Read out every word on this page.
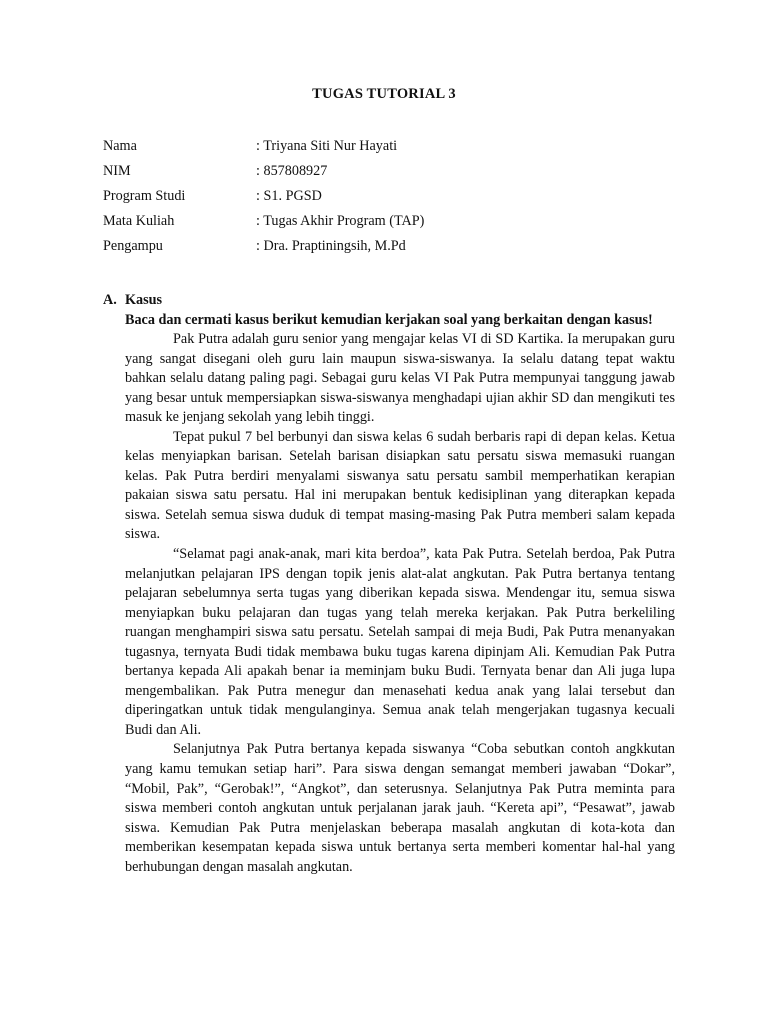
TUGAS TUTORIAL 3
Nama	: Triyana Siti Nur Hayati
NIM	: 857808927
Program Studi	: S1. PGSD
Mata Kuliah	: Tugas Akhir Program (TAP)
Pengampu	: Dra. Praptiningsih, M.Pd
A. Kasus
Baca dan cermati kasus berikut kemudian kerjakan soal yang berkaitan dengan kasus!

Pak Putra adalah guru senior yang mengajar kelas VI di SD Kartika. Ia merupakan guru yang sangat disegani oleh guru lain maupun siswa-siswanya. Ia selalu datang tepat waktu bahkan selalu datang paling pagi. Sebagai guru kelas VI Pak Putra mempunyai tanggung jawab yang besar untuk mempersiapkan siswa-siswanya menghadapi ujian akhir SD dan mengikuti tes masuk ke jenjang sekolah yang lebih tinggi.

Tepat pukul 7 bel berbunyi dan siswa kelas 6 sudah berbaris rapi di depan kelas. Ketua kelas menyiapkan barisan. Setelah barisan disiapkan satu persatu siswa memasuki ruangan kelas. Pak Putra berdiri menyalami siswanya satu persatu sambil memperhatikan kerapian pakaian siswa satu persatu. Hal ini merupakan bentuk kedisiplinan yang diterapkan kepada siswa. Setelah semua siswa duduk di tempat masing-masing Pak Putra memberi salam kepada siswa.

“Selamat pagi anak-anak, mari kita berdoa”, kata Pak Putra. Setelah berdoa, Pak Putra melanjutkan pelajaran IPS dengan topik jenis alat-alat angkutan. Pak Putra bertanya tentang pelajaran sebelumnya serta tugas yang diberikan kepada siswa. Mendengar itu, semua siswa menyiapkan buku pelajaran dan tugas yang telah mereka kerjakan. Pak Putra berkeliling ruangan menghampiri siswa satu persatu. Setelah sampai di meja Budi, Pak Putra menanyakan tugasnya, ternyata Budi tidak membawa buku tugas karena dipinjam Ali. Kemudian Pak Putra bertanya kepada Ali apakah benar ia meminjam buku Budi. Ternyata benar dan Ali juga lupa mengembalikan. Pak Putra menegur dan menasehati kedua anak yang lalai tersebut dan diperingatkan untuk tidak mengulanginya. Semua anak telah mengerjakan tugasnya kecuali Budi dan Ali.

Selanjutnya Pak Putra bertanya kepada siswanya “Coba sebutkan contoh angkkutan yang kamu temukan setiap hari”. Para siswa dengan semangat memberi jawaban “Dokar”, “Mobil, Pak”, “Gerobak!”, “Angkot”, dan seterusnya. Selanjutnya Pak Putra meminta para siswa memberi contoh angkutan untuk perjalanan jarak jauh. “Kereta api”, “Pesawat”, jawab siswa. Kemudian Pak Putra menjelaskan beberapa masalah angkutan di kota-kota dan memberikan kesempatan kepada siswa untuk bertanya serta memberi komentar hal-hal yang berhubungan dengan masalah angkutan.
